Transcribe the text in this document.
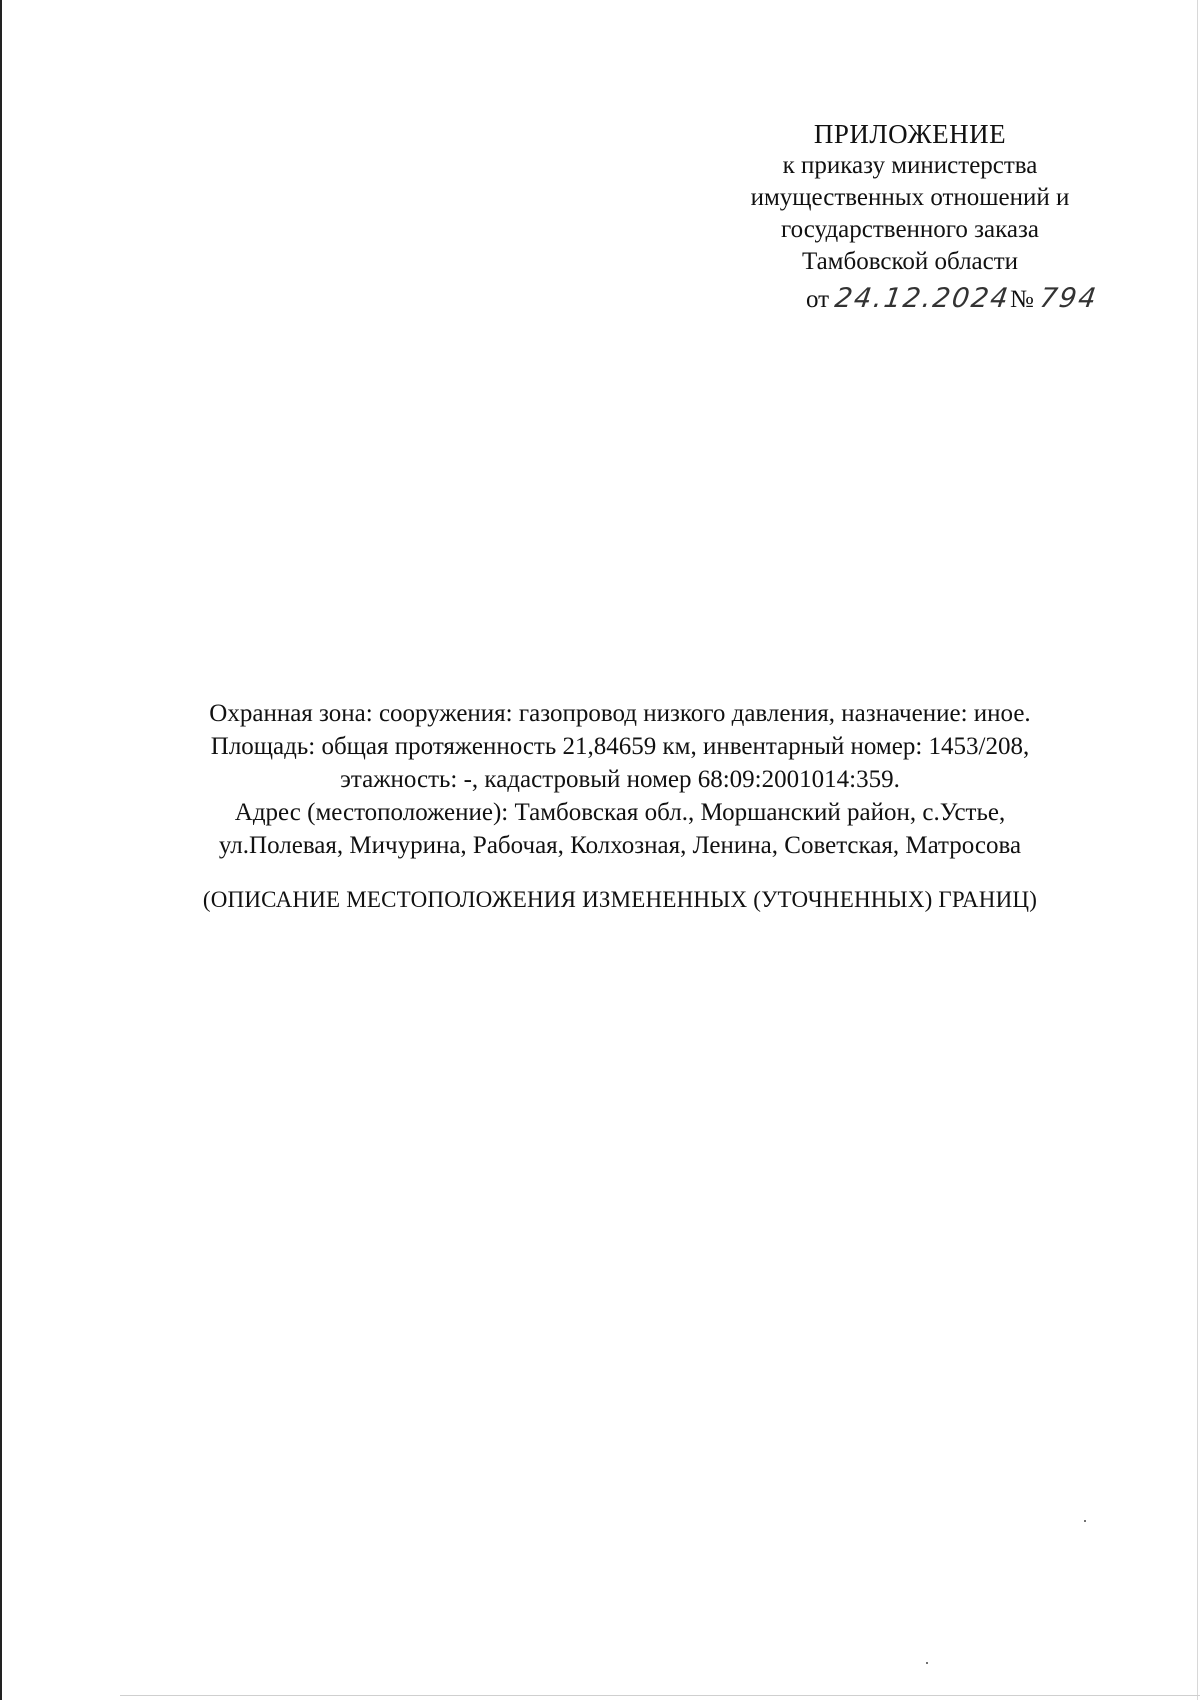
ПРИЛОЖЕНИЕ
к приказу министерства
имущественных отношений и
государственного заказа
Тамбовской области
от 24.12.2024№ 794
Охранная зона: сооружения: газопровод низкого давления, назначение: иное.
Площадь: общая протяженность 21,84659 км, инвентарный номер: 1453/208,
этажность: -, кадастровый номер 68:09:2001014:359.
Адрес (местоположение): Тамбовская обл., Моршанский район, с.Устье,
ул.Полевая, Мичурина, Рабочая, Колхозная, Ленина, Советская, Матросова
(ОПИСАНИЕ МЕСТОПОЛОЖЕНИЯ ИЗМЕНЕННЫХ (УТОЧНЕННЫХ) ГРАНИЦ)
